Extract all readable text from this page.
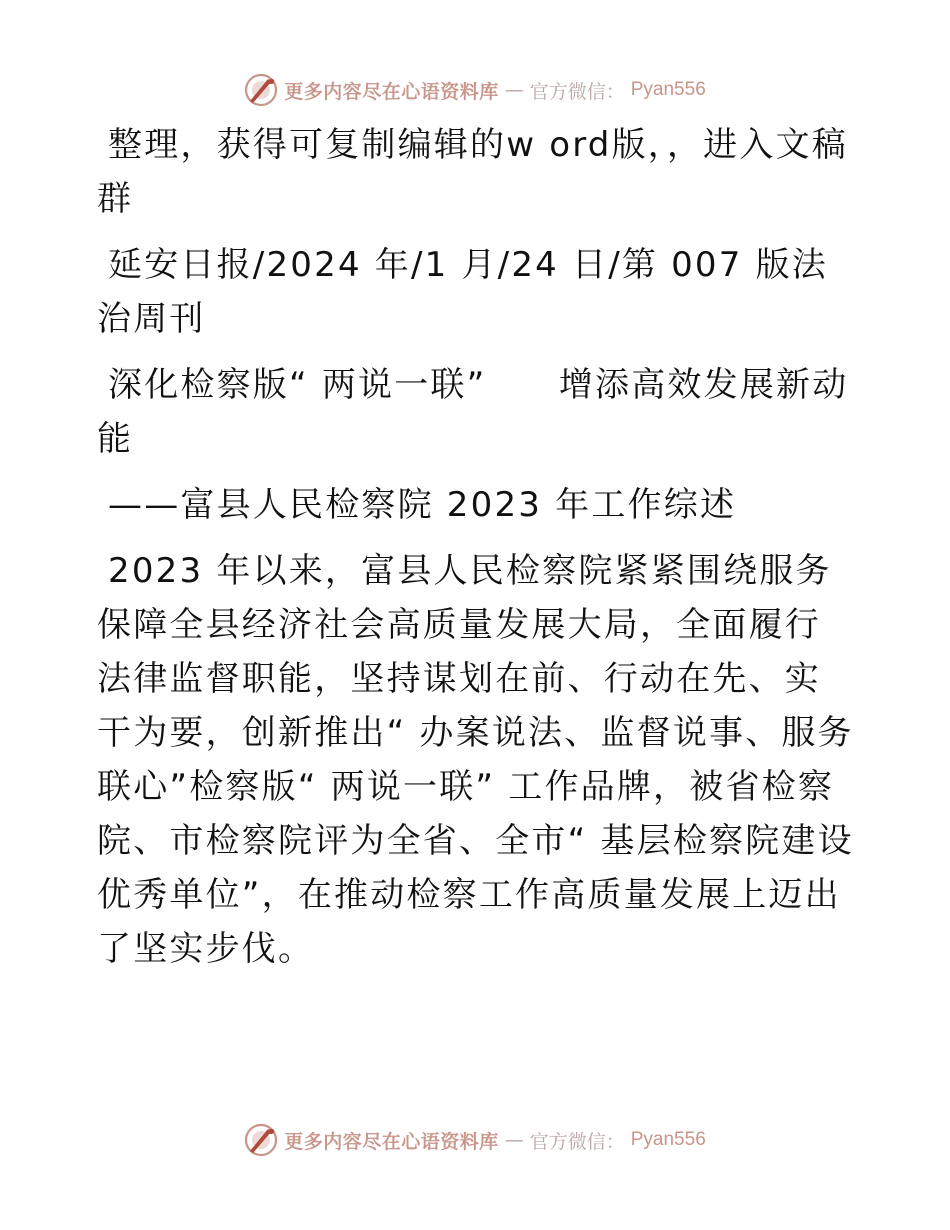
更多内容尽在心语资料库 — 官方微信： Pyan556

整理，获得可复制编辑的w ord版，，进入文稿群

延安日报/2024 年/1 月/24 日/第 007 版法治周刊

深化检察版“ 两说一联”　　增添高效发展新动能

——富县人民检察院 2023 年工作综述

2023 年以来，富县人民检察院紧紧围绕服务保障全县经济社会高质量发展大局，全面履行法律监督职能，坚持谋划在前、行动在先、实干为要，创新推出“ 办案说法、监督说事、服务联心”检察版“ 两说一联” 工作品牌，被省检察院、市检察院评为全省、全市“ 基层检察院建设优秀单位”，在推动检察工作高质量发展上迈出了坚实步伐。

更多内容尽在心语资料库 — 官方微信： Pyan556
